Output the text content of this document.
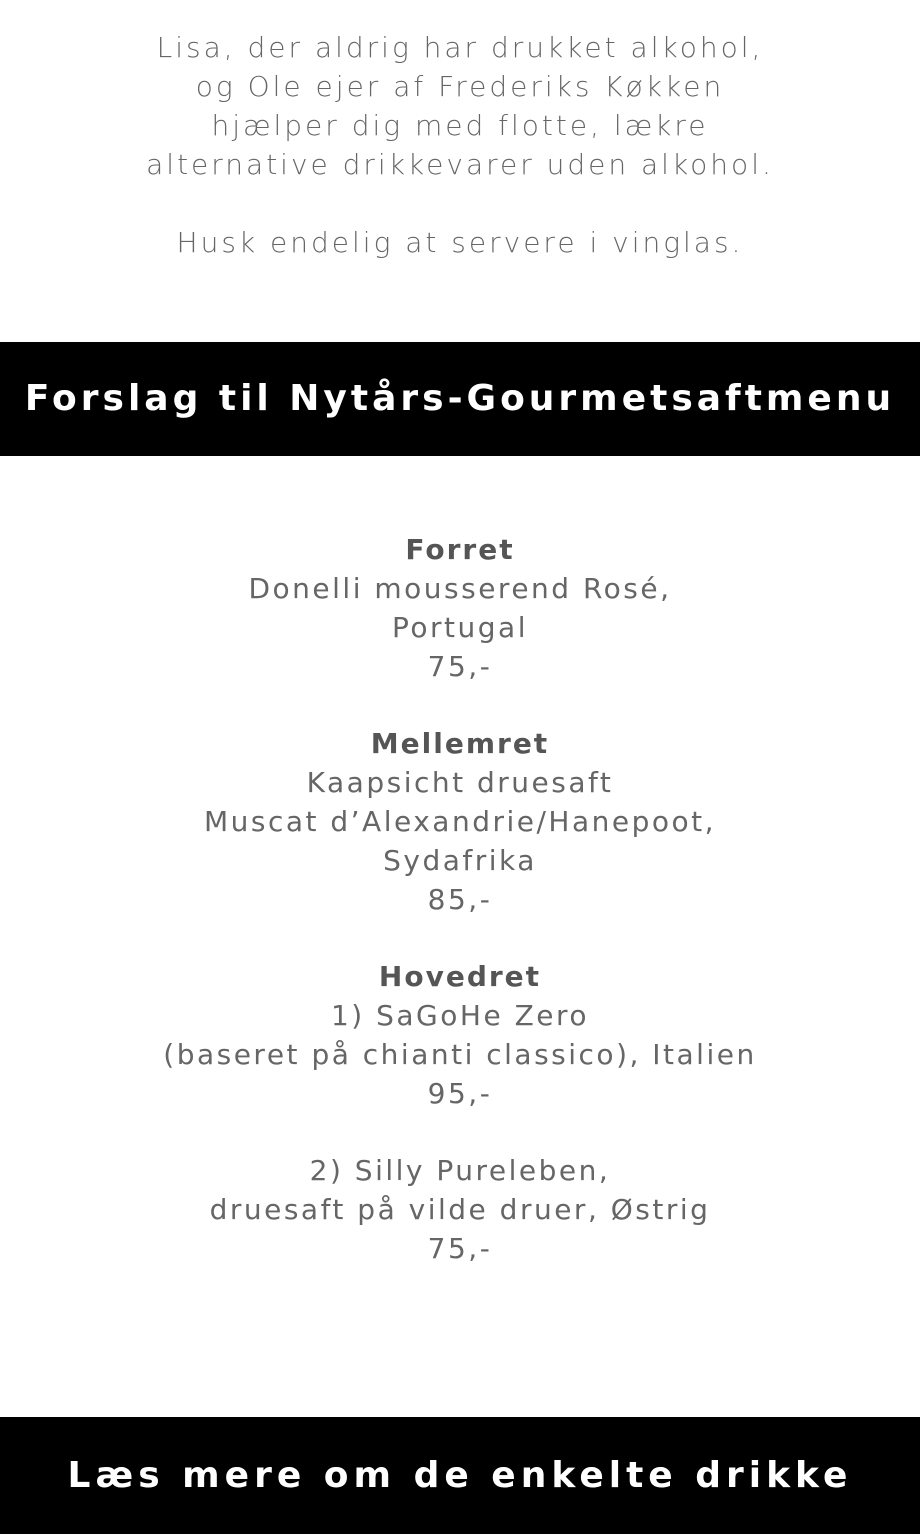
Lisa, der aldrig har drukket alkohol,
og Ole ejer af Frederiks Køkken
hjælper dig med flotte, lækre
alternative drikkevarer uden alkohol.

Husk endelig at servere i vinglas.

Forslag til Nytårs-Gourmetsaftmenu
Forret
Donelli mousserend Rosé,
Portugal
75,-
Mellemret
Kaapsicht druesaft
Muscat d’Alexandrie/Hanepoot,
Sydafrika
85,-
Hovedret
1) SaGoHe Zero
(baseret på chianti classico), Italien
95,-
2) Silly Pureleben,
druesaft på vilde druer, Østrig
75,-
Læs mere om de enkelte drikke
